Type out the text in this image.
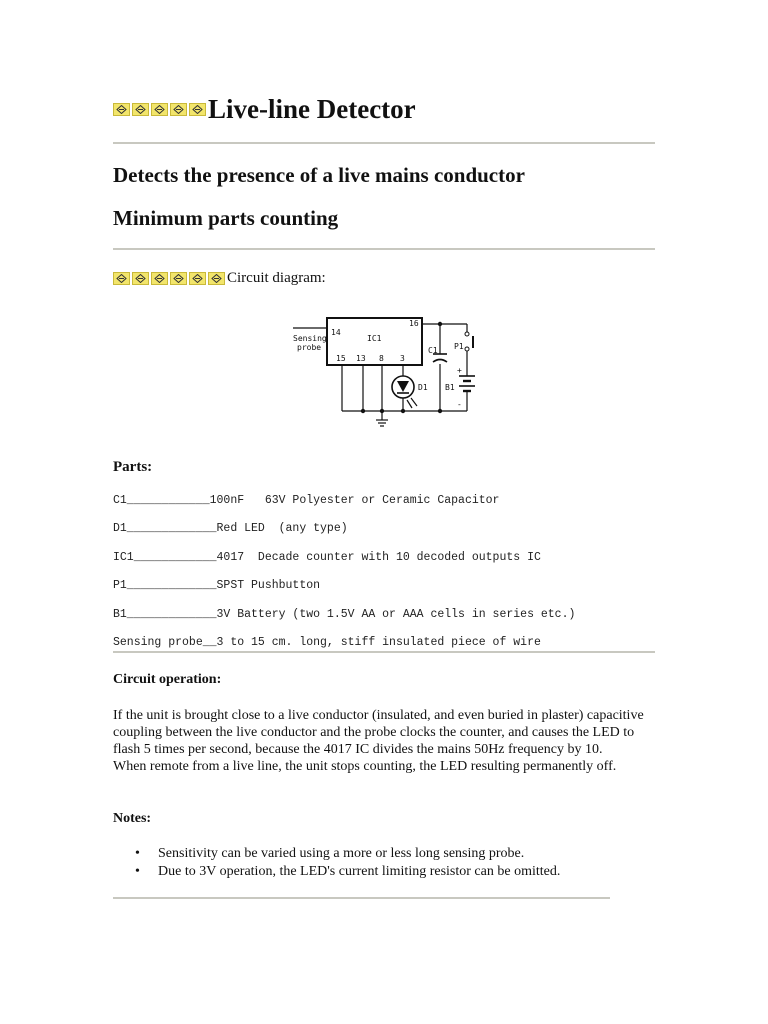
Live-line Detector
Detects the presence of a live mains conductor
Minimum parts counting
Circuit diagram:
Sensing
probe
14
16
IC1
15 13 8 3
C1 P1
B1
+
-
D1
Parts:
C1____________100nF   63V Polyester or Ceramic Capacitor
D1_____________Red LED  (any type)
IC1____________4017  Decade counter with 10 decoded outputs IC
P1_____________SPST Pushbutton
B1_____________3V Battery (two 1.5V AA or AAA cells in series etc.)
Sensing probe__3 to 15 cm. long, stiff insulated piece of wire
Circuit operation:
If the unit is brought close to a live conductor (insulated, and even buried in plaster) capacitive coupling between the live conductor and the probe clocks the counter, and causes the LED to flash 5 times per second, because the 4017 IC divides the mains 50Hz frequency by 10.
When remote from a live line, the unit stops counting, the LED resulting permanently off.
Notes:
• Sensitivity can be varied using a more or less long sensing probe.
• Due to 3V operation, the LED's current limiting resistor can be omitted.
